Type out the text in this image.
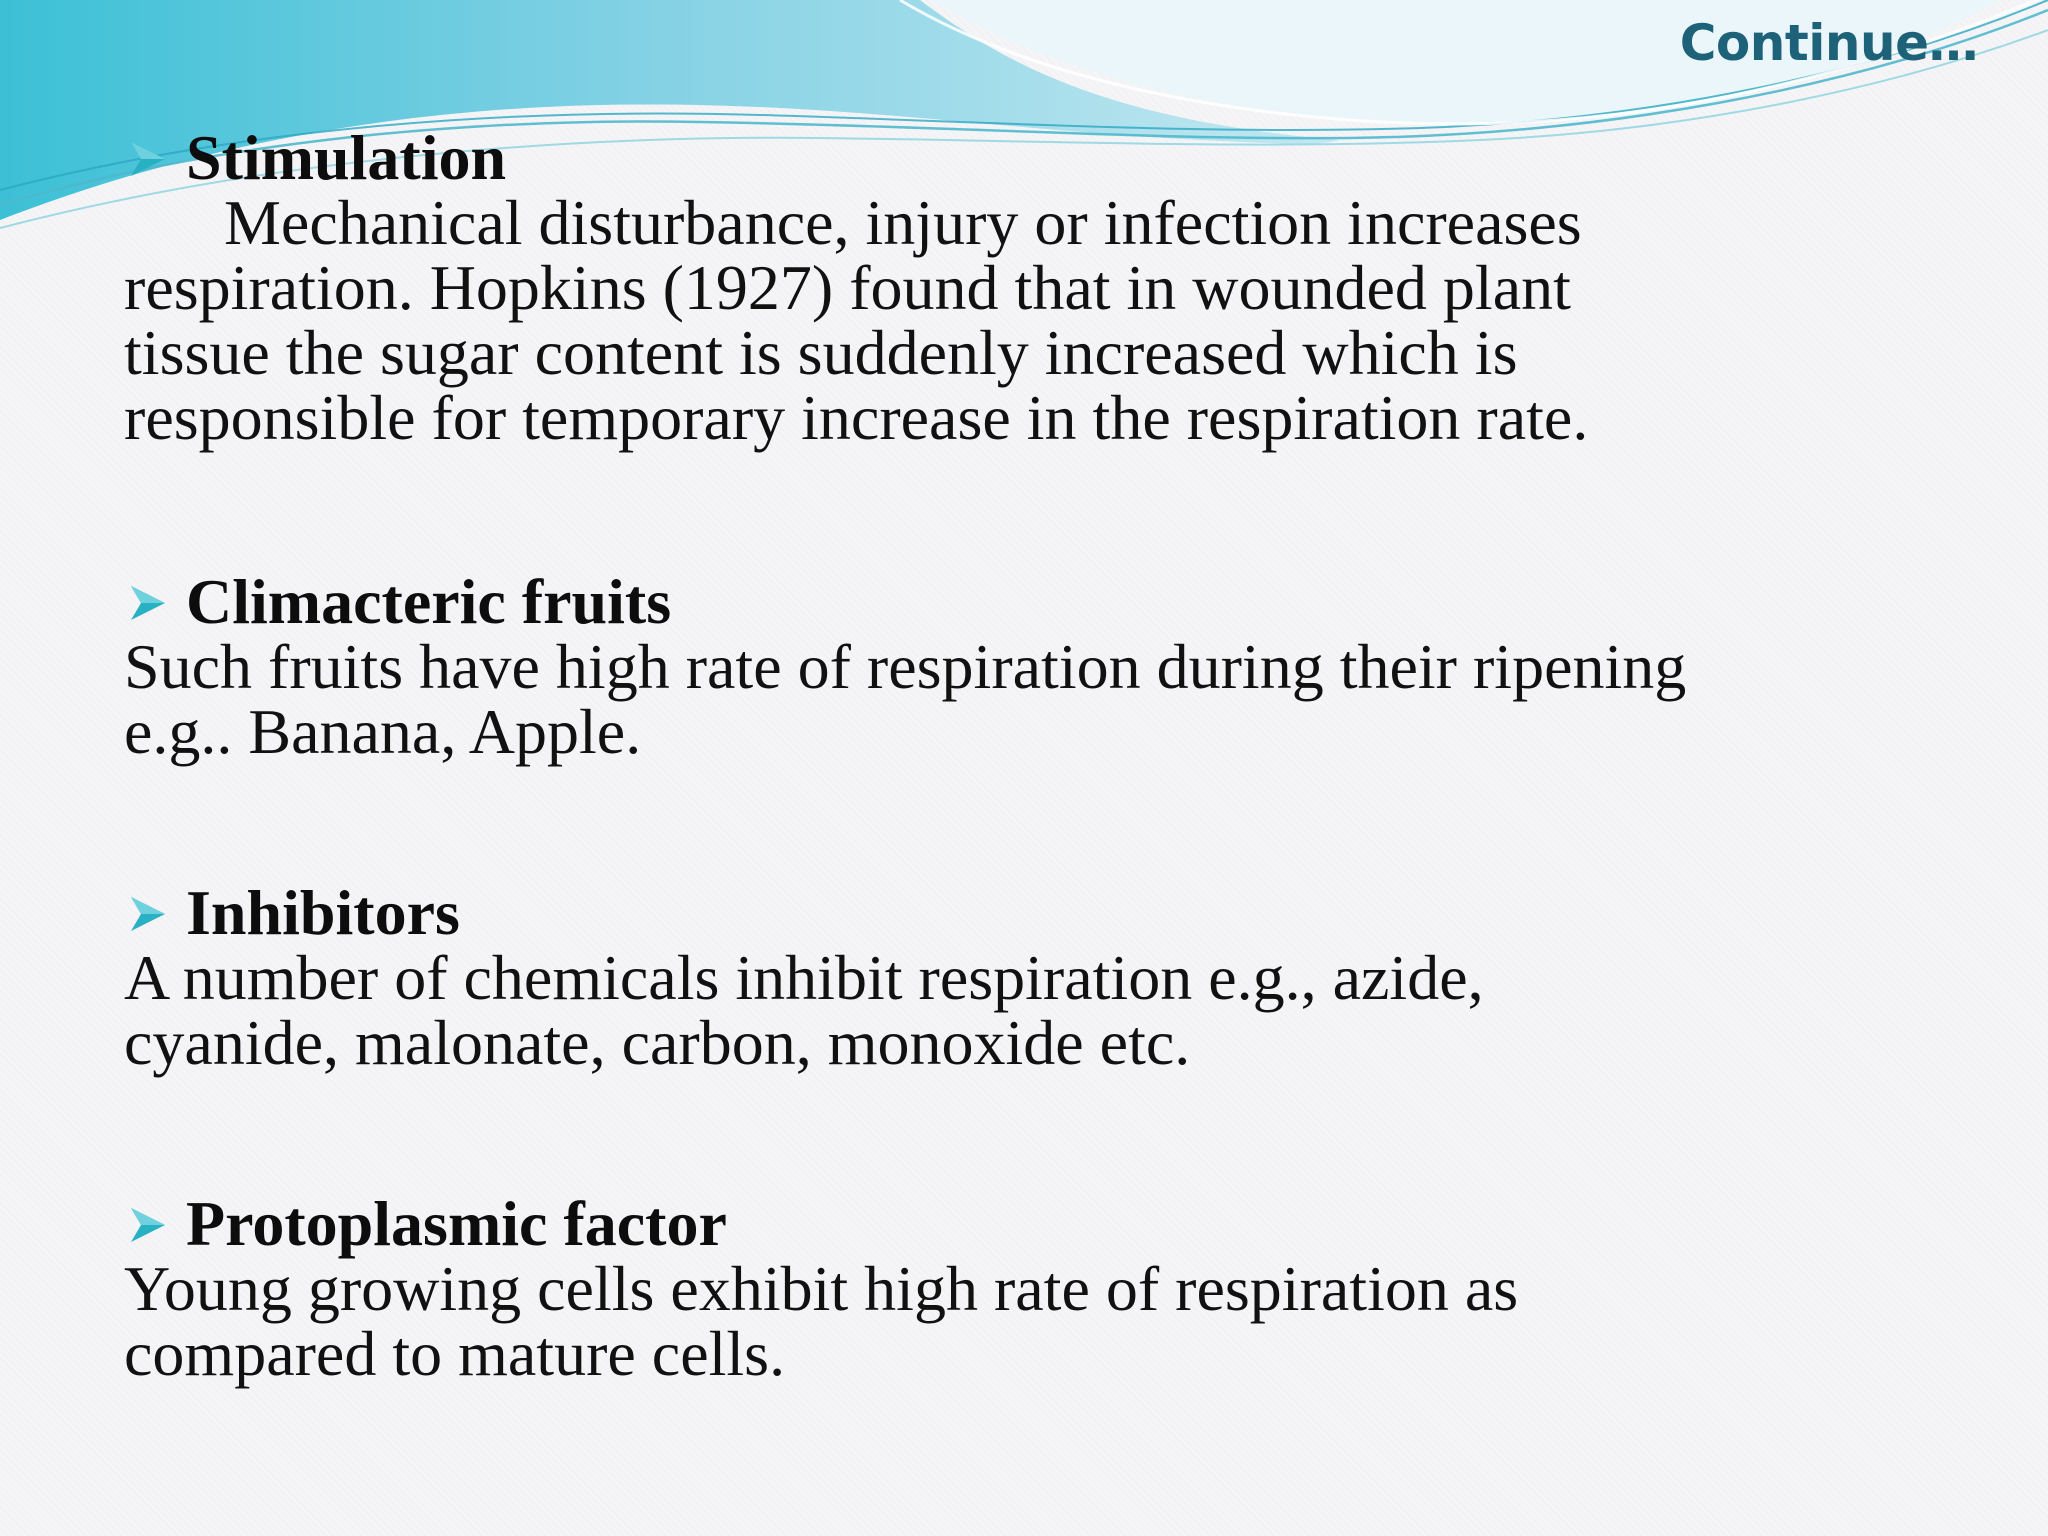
Continue…
Stimulation
Mechanical disturbance, injury or infection increases
respiration. Hopkins (1927) found that in wounded plant
tissue the sugar content is suddenly increased which is
responsible for temporary increase in the respiration rate.
Climacteric fruits
Such fruits have high rate of respiration during their ripening
e.g.. Banana, Apple.
Inhibitors
A number of chemicals inhibit respiration e.g., azide,
cyanide, malonate, carbon, monoxide etc.
Protoplasmic factor
Young growing cells exhibit high rate of respiration as
compared to mature cells.
